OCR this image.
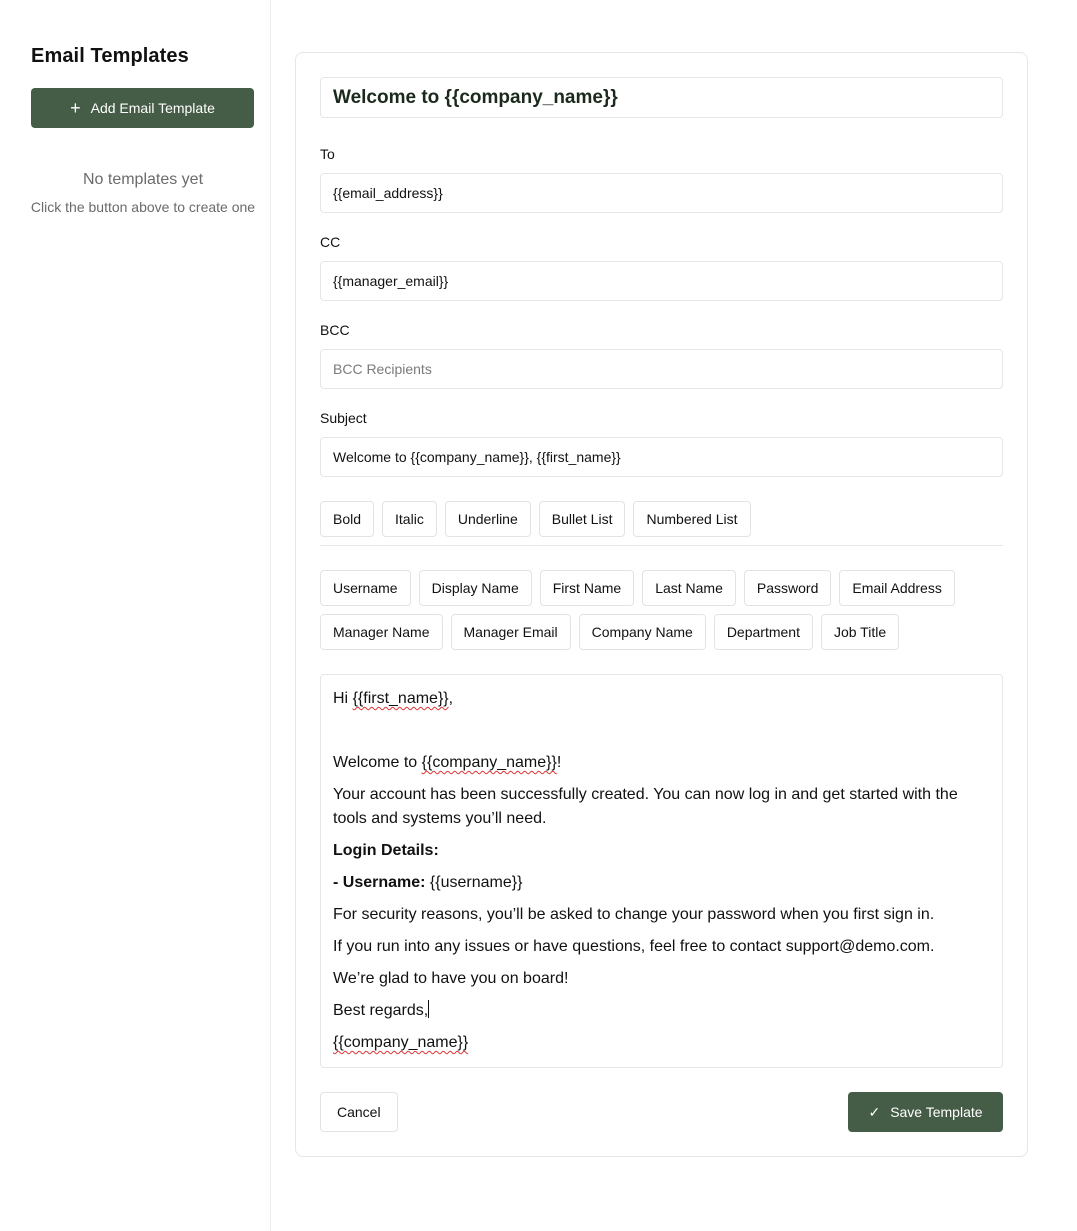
Email Templates
+ Add Email Template
No templates yet
Click the button above to create one
Welcome to {{company_name}}
To
{{email_address}}
CC
{{manager_email}}
BCC
BCC Recipients
Subject
Welcome to {{company_name}}, {{first_name}}
Bold	Italic	Underline	Bullet List	Numbered List
Username	Display Name	First Name	Last Name	Password	Email Address
Manager Name	Manager Email	Company Name	Department	Job Title

Hi {{first_name}},

Welcome to {{company_name}}!

Your account has been successfully created. You can now log in and get started with the tools and systems you’ll need.

Login Details:

- Username: {{username}}

For security reasons, you’ll be asked to change your password when you first sign in.

If you run into any issues or have questions, feel free to contact support@demo.com.

We’re glad to have you on board!

Best regards,

{{company_name}}

Cancel	✓ Save Template
